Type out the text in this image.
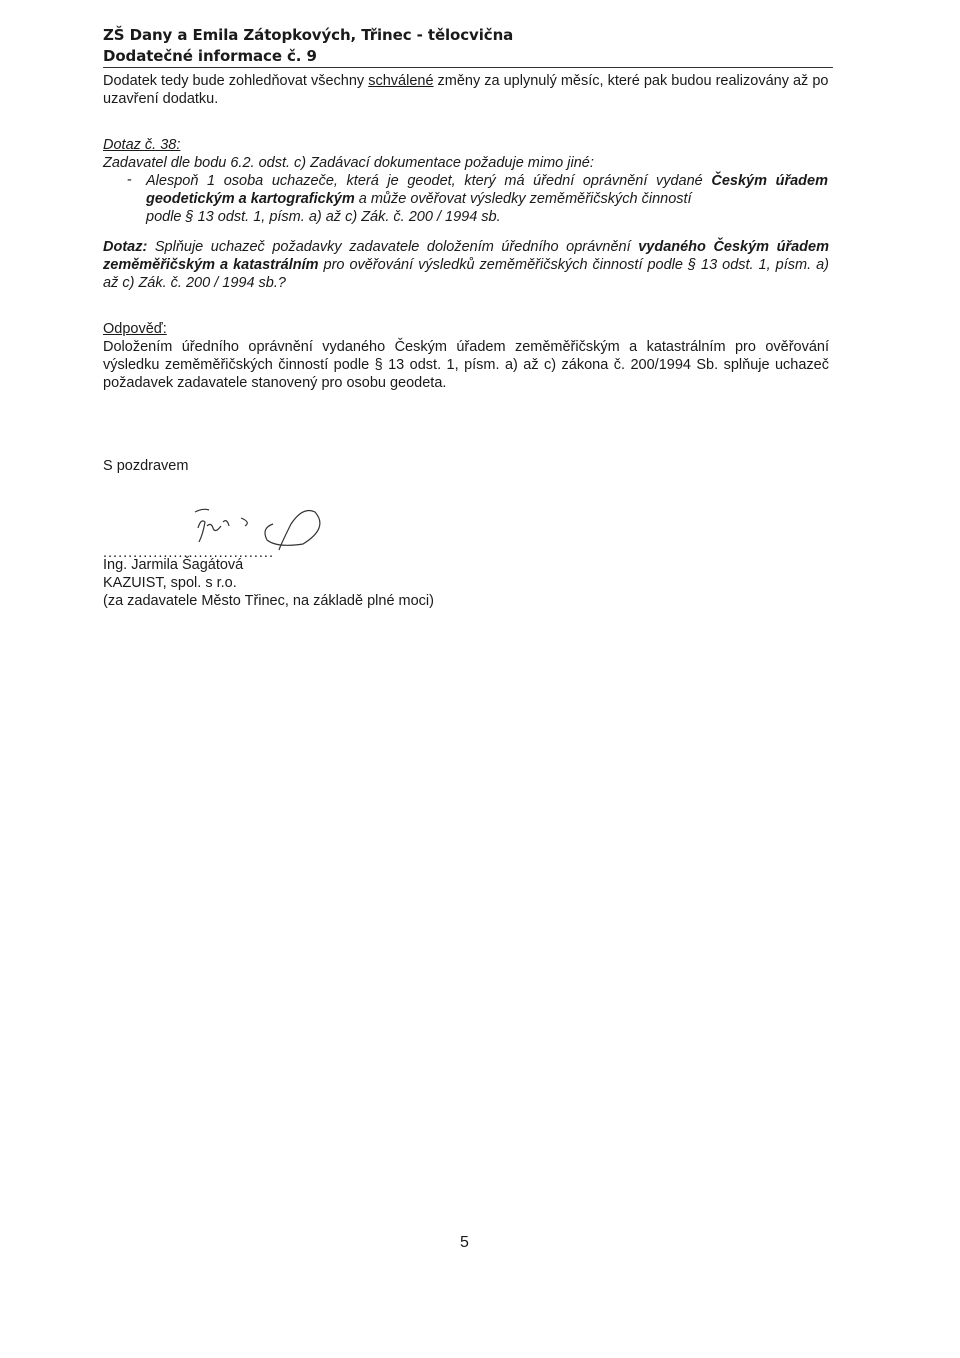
ZŠ Dany a Emila Zátopkových, Třinec - tělocvična
Dodatečné informace č. 9
Dodatek tedy bude zohledňovat všechny schválené změny za uplynulý měsíc, které pak budou realizovány až po
uzavření dodatku.
Dotaz č. 38:
Zadavatel dle bodu 6.2. odst. c) Zadávací dokumentace požaduje mimo jiné:
- Alespoň 1 osoba uchazeče, která je geodet, který má úřední oprávnění vydané Českým úřadem
geodetickým a kartografickým a může ověřovat výsledky zeměměřičských činností
podle § 13 odst. 1, písm. a) až c) Zák. č. 200 / 1994 sb.
Dotaz: Splňuje uchazeč požadavky zadavatele doložením úředního oprávnění vydaného Českým úřadem
zeměměřičským a katastrálním pro ověřování výsledků zeměměřičských činností podle § 13 odst. 1, písm. a)
až c) Zák. č. 200 / 1994 sb.?
Odpověď:
Doložením úředního oprávnění vydaného Českým úřadem zeměměřičským a katastrálním pro ověřování
výsledku zeměměřičských činností podle § 13 odst. 1, písm. a) až c) zákona č. 200/1994 Sb. splňuje uchazeč
požadavek zadavatele stanovený pro osobu geodeta.
S pozdravem
..................................
Ing. Jarmila Šagátová
KAZUIST, spol. s r.o.
(za zadavatele Město Třinec, na základě plné moci)
5
